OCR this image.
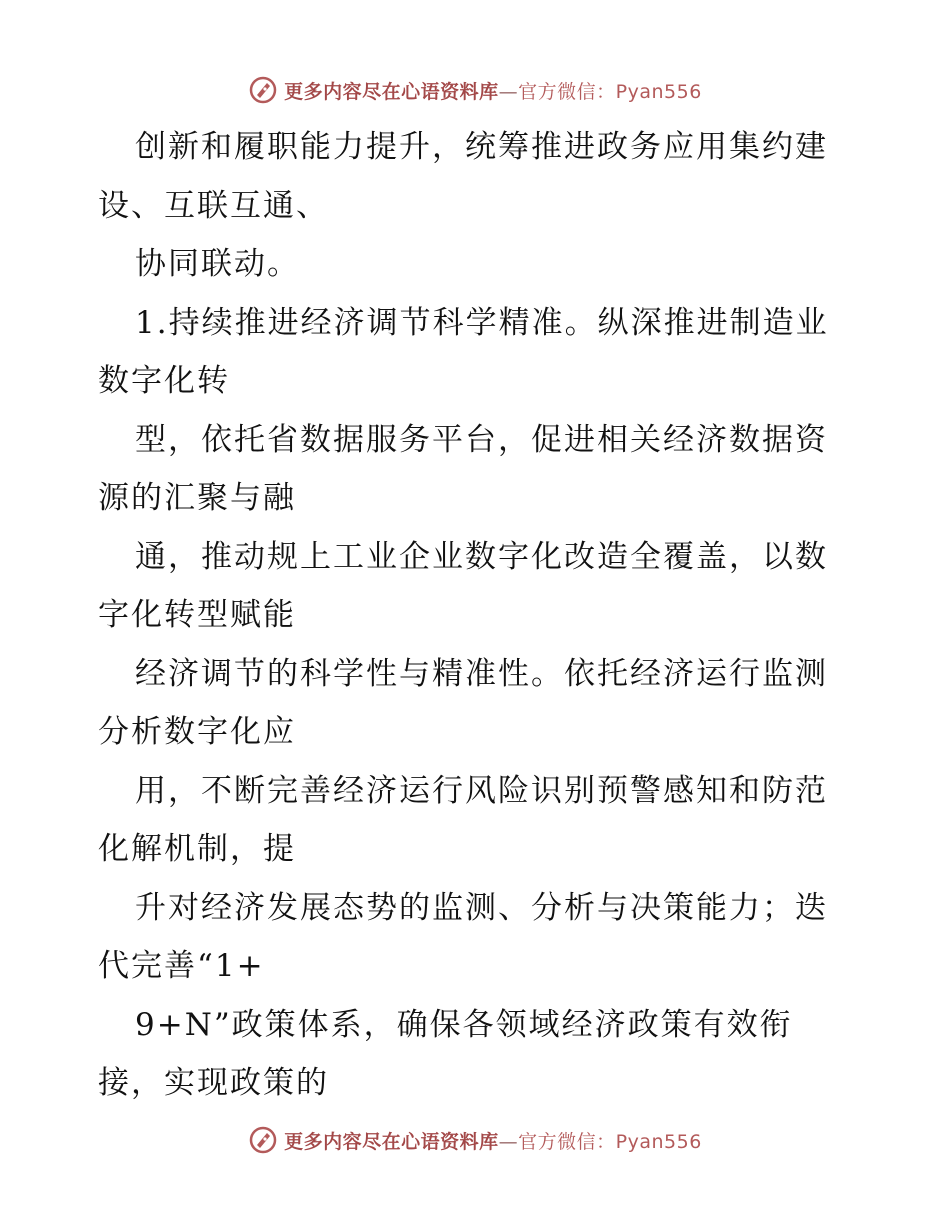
更多内容尽在心语资料库—官方微信：Pyan556
创新和履职能力提升，统筹推进政务应用集约建
设、互联互通、
协同联动。
1.持续推进经济调节科学精准。纵深推进制造业
数字化转
型，依托省数据服务平台，促进相关经济数据资
源的汇聚与融
通，推动规上工业企业数字化改造全覆盖，以数
字化转型赋能
经济调节的科学性与精准性。依托经济运行监测
分析数字化应
用，不断完善经济运行风险识别预警感知和防范
化解机制，提
升对经济发展态势的监测、分析与决策能力；迭
代完善“1+
9+N”政策体系，确保各领域经济政策有效衔
接，实现政策的
更多内容尽在心语资料库—官方微信：Pyan556
